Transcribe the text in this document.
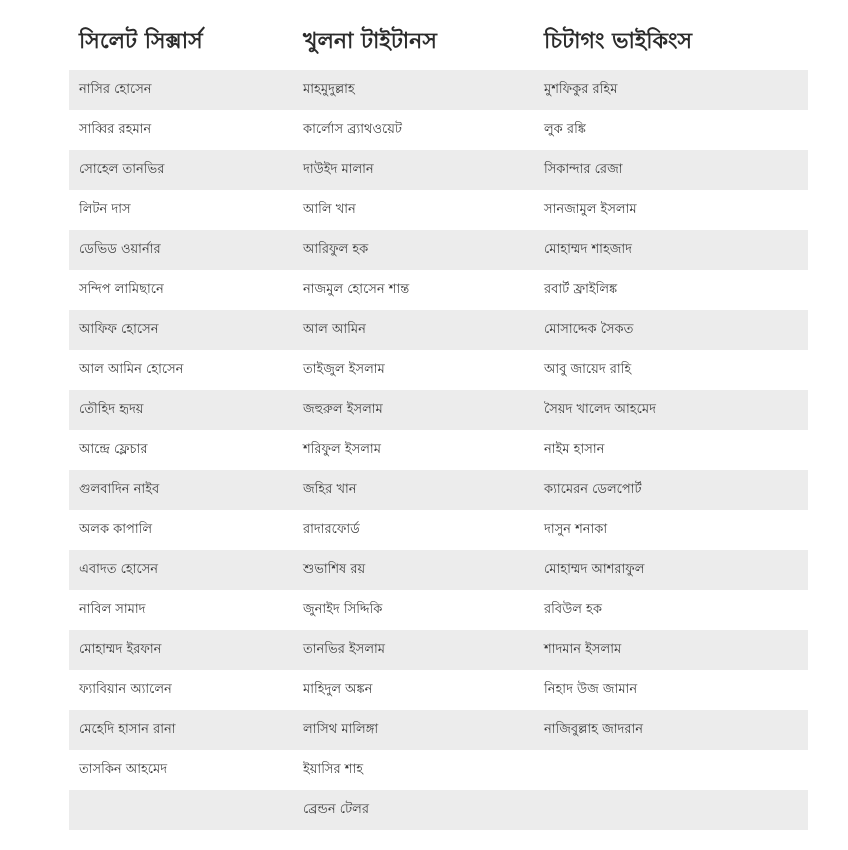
সিলেট সিক্সার্স	খুলনা টাইটানস	চিটাগং ভাইকিংস
নাসির হোসেন	মাহমুদুল্লাহ	মুশফিকুর রহিম
সাব্বির রহমান	কার্লোস ব্র্যাথওয়েট	লুক রঙ্কি
সোহেল তানভির	দাউইদ মালান	সিকান্দার রেজা
লিটন দাস	আলি খান	সানজামুল ইসলাম
ডেভিড ওয়ার্নার	আরিফুল হক	মোহাম্মদ শাহজাদ
সন্দিপ লামিছানে	নাজমুল হোসেন শান্ত	রবার্ট ফ্রাইলিঙ্ক
আফিফ হোসেন	আল আমিন	মোসাদ্দেক সৈকত
আল আমিন হোসেন	তাইজুল ইসলাম	আবু জায়েদ রাহি
তৌহিদ হৃদয়	জহুরুল ইসলাম	সৈয়দ খালেদ আহমেদ
আন্দ্রে ফ্লেচার	শরিফুল ইসলাম	নাইম হাসান
গুলবাদিন নাইব	জহির খান	ক্যামেরন ডেলপোর্ট
অলক কাপালি	রাদারফোর্ড	দাসুন শনাকা
এবাদত হোসেন	শুভাশিষ রয়	মোহাম্মদ আশরাফুল
নাবিল সামাদ	জুনাইদ সিদ্দিকি	রবিউল হক
মোহাম্মদ ইরফান	তানভির ইসলাম	শাদমান ইসলাম
ফ্যাবিয়ান অ্যালেন	মাহিদুল অঙ্কন	নিহাদ উজ জামান
মেহেদি হাসান রানা	লাসিথ মালিঙ্গা	নাজিবুল্লাহ জাদরান
তাসকিন আহমেদ	ইয়াসির শাহ	
	ব্রেন্ডন টেলর	
